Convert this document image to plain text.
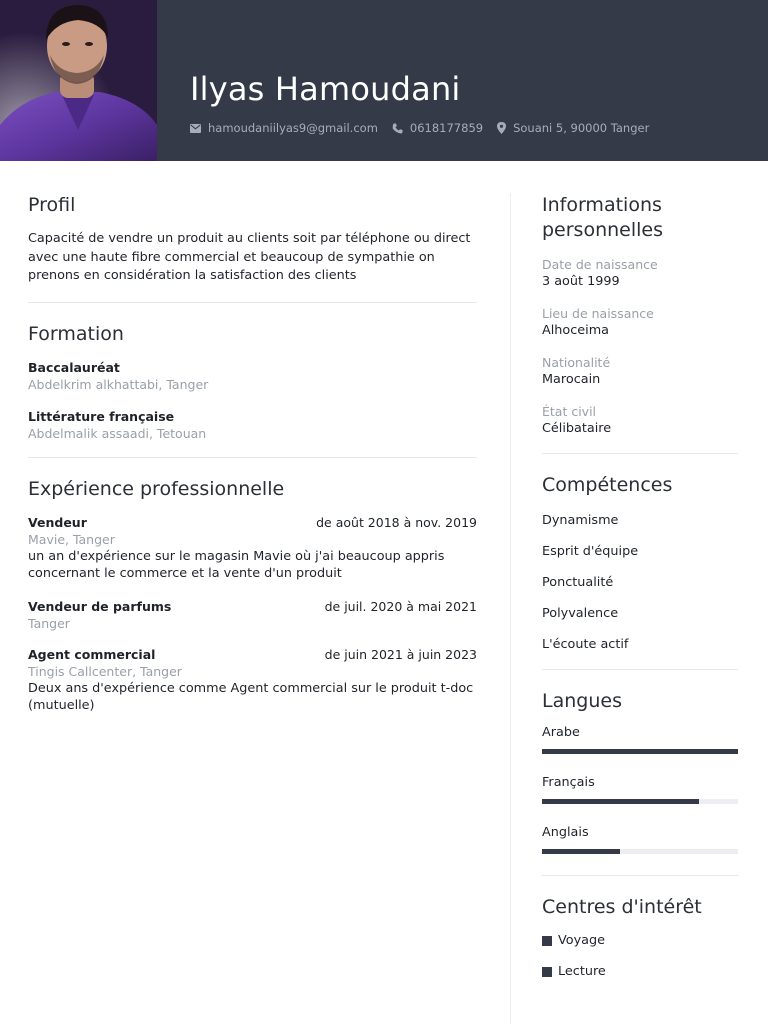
Ilyas Hamoudani
hamoudaniilyas9@gmail.com	0618177859	Souani 5, 90000 Tanger
Profil

Capacité de vendre un produit au clients soit par téléphone ou direct avec une haute fibre commercial et beaucoup de sympathie on prenons en considération la satisfaction des clients

Formation
Baccalauréat
Abdelkrim alkhattabi, Tanger
Littérature française
Abdelmalik assaadi, Tetouan
Expérience professionnelle
Vendeur	de août 2018 à nov. 2019
Mavie, Tanger
un an d'expérience sur le magasin Mavie où j'ai beaucoup appris concernant le commerce et la vente d'un produit
Vendeur de parfums	de juil. 2020 à mai 2021
Tanger
Agent commercial	de juin 2021 à juin 2023
Tingis Callcenter, Tanger
Deux ans d'expérience comme Agent commercial sur le produit t-doc (mutuelle)
Informations personnelles
Date de naissance
3 août 1999
Lieu de naissance
Alhoceima
Nationalité
Marocain
État civil
Célibataire
Compétences
Dynamisme
Esprit d'équipe
Ponctualité
Polyvalence
L'écoute actif
Langues
Arabe
Français
Anglais
Centres d'intérêt
Voyage
Lecture
